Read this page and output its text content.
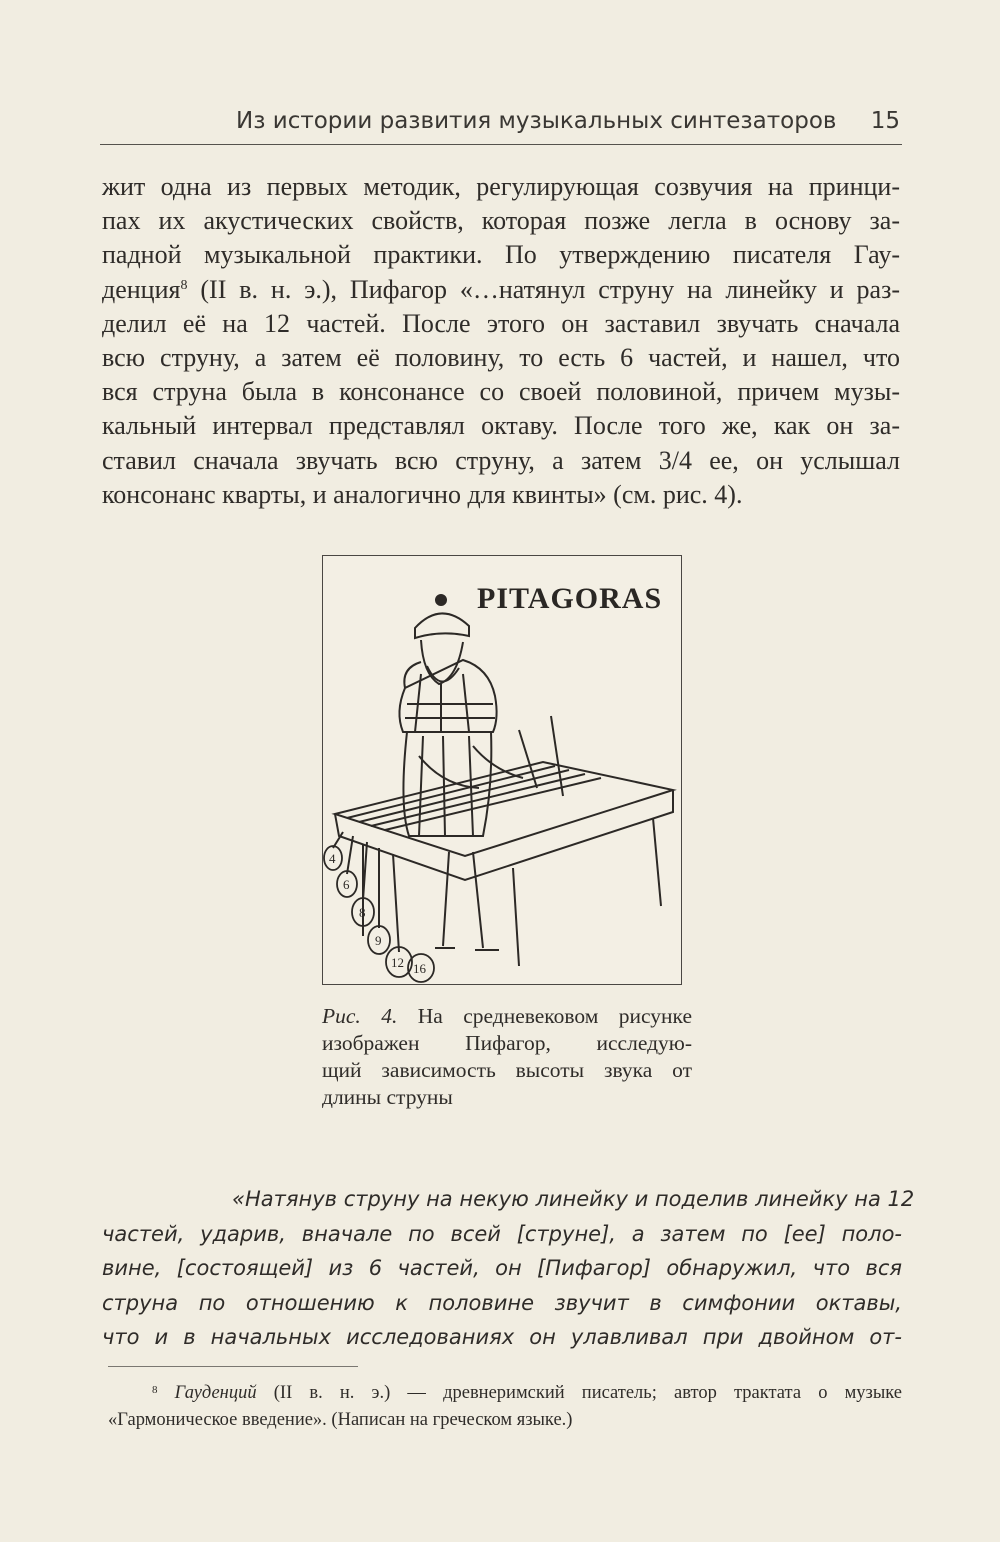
Из истории развития музыкальных синтезаторов 15
жит одна из первых методик, регулирующая созвучия на принци-
пах их акустических свойств, которая позже легла в основу за-
падной музыкальной практики. По утверждению писателя Гау-
денция$^8$ (II в. н. э.), Пифагор «…натянул струну на линейку и раз-
делил её на 12 частей. После этого он заставил звучать сначала
всю струну, а затем её половину, то есть 6 частей, и нашел, что
вся струна была в консонансе со своей половиной, причем музы-
кальный интервал представлял октаву. После того же, как он за-
ставил сначала звучать всю струну, а затем 3/4 ее, он услышал
консонанс кварты, и аналогично для квинты» (см. рис. 4).
PITAGORAS
4
6
8
9
12 16
Рис. 4. На средневековом рисунке
изображен Пифагор, исследую-
щий зависимость высоты звука от
длины струны
«Натянув струну на некую линейку и поделив линейку на 12
частей, ударив, вначале по всей [струне], а затем по [ее] поло-
вине, [состоящей] из 6 частей, он [Пифагор] обнаружил, что вся
струна по отношению к половине звучит в симфонии октавы,
что и в начальных исследованиях он улавливал при двойном от-
$^8$ Гауденций (II в. н. э.) — древнеримский писатель; автор трактата о музыке
«Гармоническое введение». (Написан на греческом языке.)
